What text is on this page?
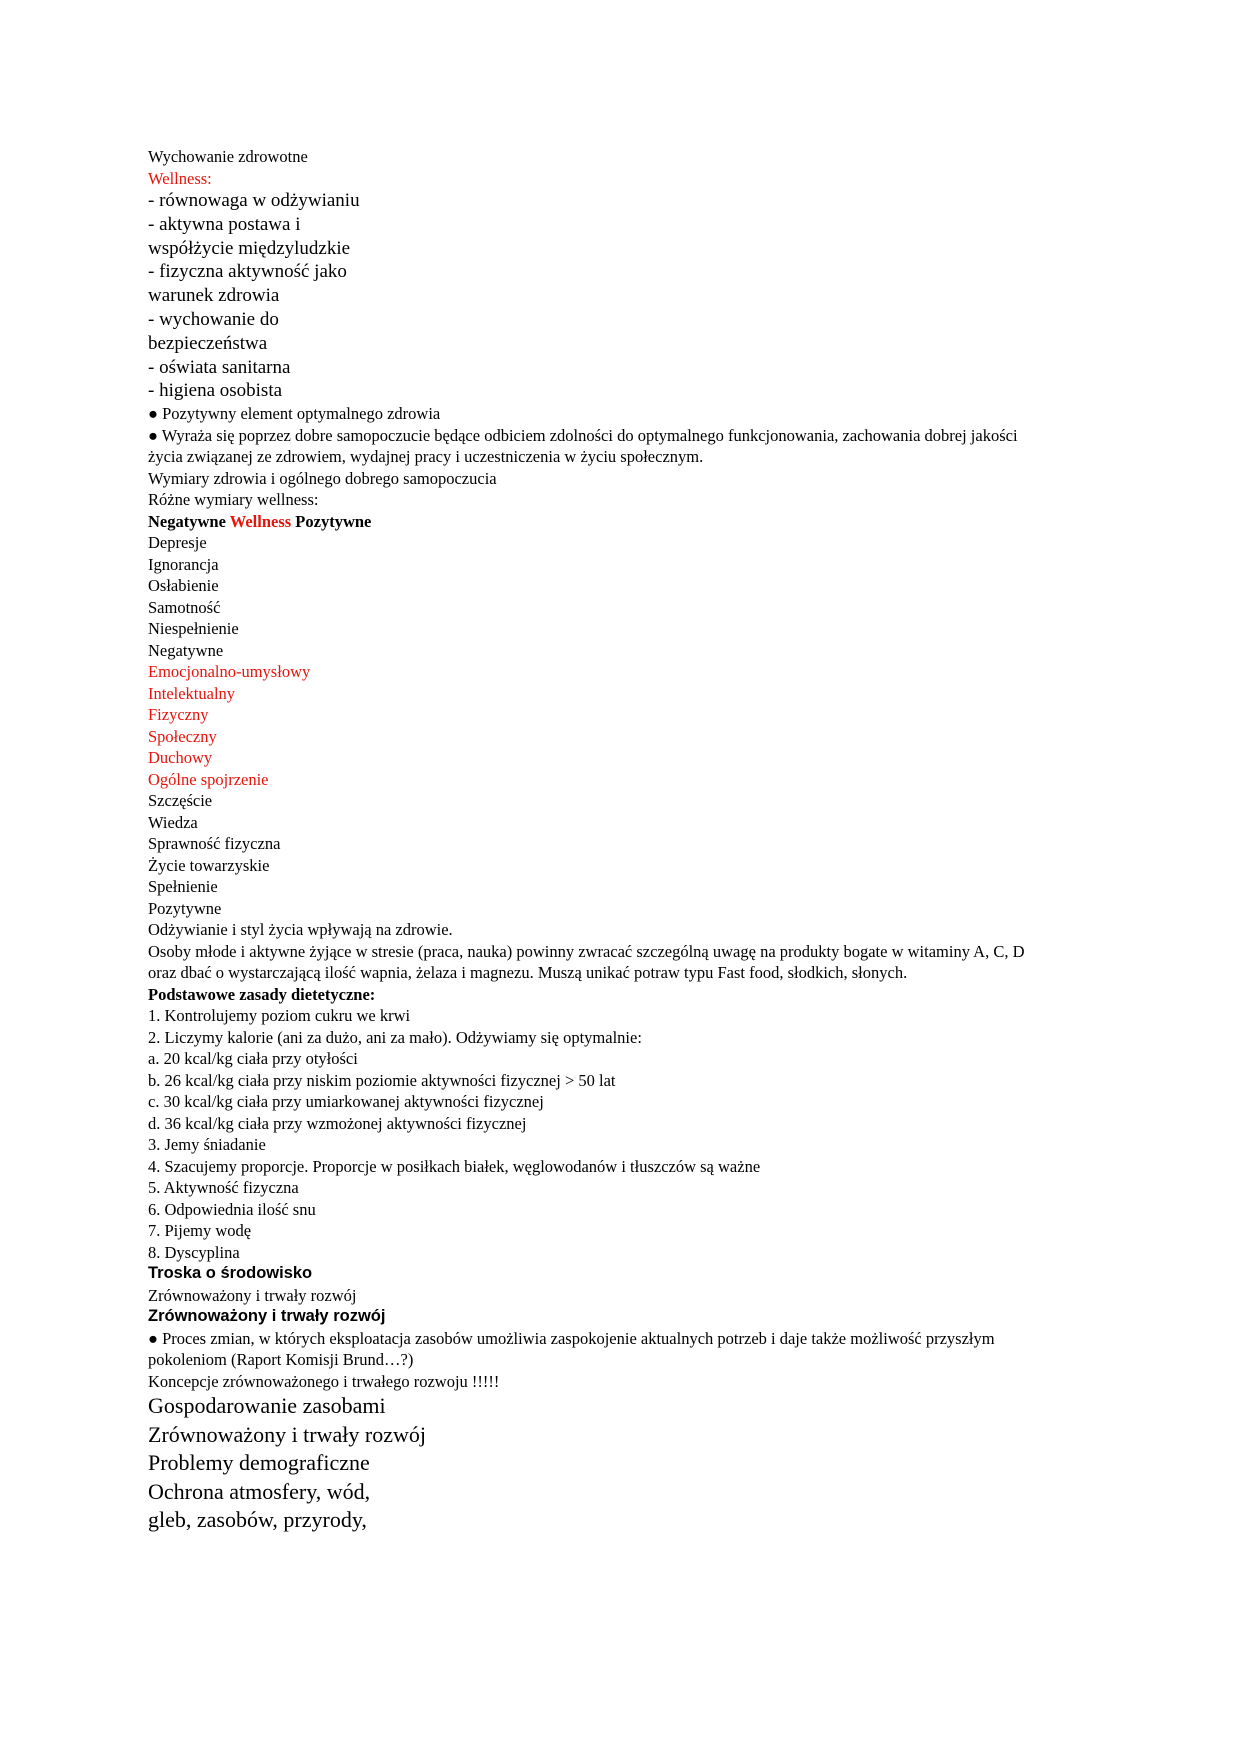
Wychowanie zdrowotne
Wellness:
- równowaga w odżywianiu
- aktywna postawa i
współżycie międzyludzkie
- fizyczna aktywność jako
warunek zdrowia
- wychowanie do
bezpieczeństwa
- oświata sanitarna
- higiena osobista
● Pozytywny element optymalnego zdrowia
● Wyraża się poprzez dobre samopoczucie będące odbiciem zdolności do optymalnego funkcjonowania, zachowania dobrej jakości życia związanej ze zdrowiem, wydajnej pracy i uczestniczenia w życiu społecznym.
Wymiary zdrowia i ogólnego dobrego samopoczucia
Różne wymiary wellness:
Negatywne Wellness Pozytywne
Depresje
Ignorancja
Osłabienie
Samotność
Niespełnienie
Negatywne
Emocjonalno-umysłowy
Intelektualny
Fizyczny
Społeczny
Duchowy
Ogólne spojrzenie
Szczęście
Wiedza
Sprawność fizyczna
Życie towarzyskie
Spełnienie
Pozytywne
Odżywianie i styl życia wpływają na zdrowie.
Osoby młode i aktywne żyjące w stresie (praca, nauka) powinny zwracać szczególną uwagę na produkty bogate w witaminy A, C, D oraz dbać o wystarczającą ilość wapnia, żelaza i magnezu. Muszą unikać potraw typu Fast food, słodkich, słonych.
Podstawowe zasady dietetyczne:
1. Kontrolujemy poziom cukru we krwi
2. Liczymy kalorie (ani za dużo, ani za mało). Odżywiamy się optymalnie:
a. 20 kcal/kg ciała przy otyłości
b. 26 kcal/kg ciała przy niskim poziomie aktywności fizycznej > 50 lat
c. 30 kcal/kg ciała przy umiarkowanej aktywności fizycznej
d. 36 kcal/kg ciała przy wzmożonej aktywności fizycznej
3. Jemy śniadanie
4. Szacujemy proporcje. Proporcje w posiłkach białek, węglowodanów i tłuszczów są ważne
5. Aktywność fizyczna
6. Odpowiednia ilość snu
7. Pijemy wodę
8. Dyscyplina
Troska o środowisko
Zrównoważony i trwały rozwój
Zrównoważony i trwały rozwój
● Proces zmian, w których eksploatacja zasobów umożliwia zaspokojenie aktualnych potrzeb i daje także możliwość przyszłym pokoleniom (Raport Komisji Brund…?)
Koncepcje zrównoważonego i trwałego rozwoju !!!!!
Gospodarowanie zasobami
Zrównoważony i trwały rozwój
Problemy demograficzne
Ochrona atmosfery, wód,
gleb, zasobów, przyrody,
